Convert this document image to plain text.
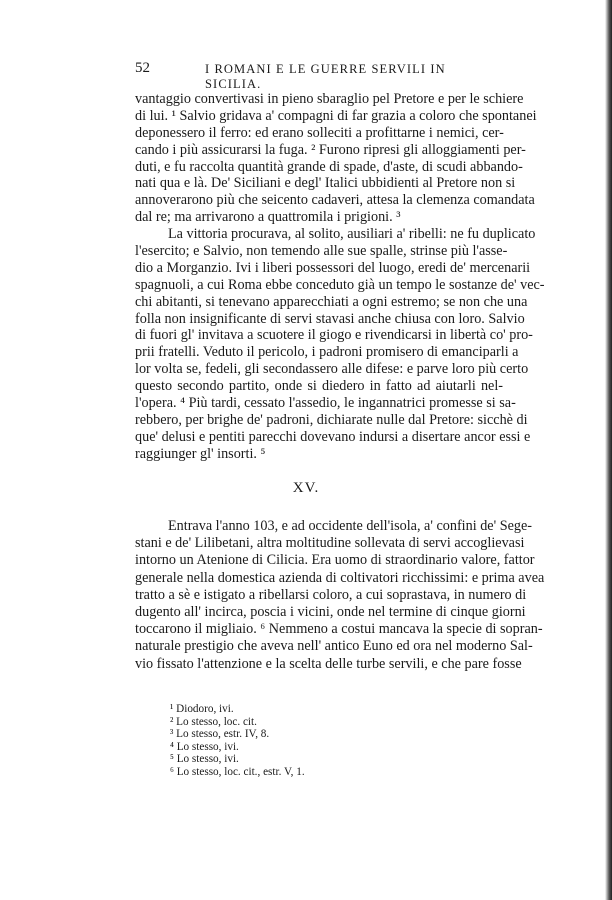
52	I ROMANI E LE GUERRE SERVILI IN SICILIA.
vantaggio convertivasi in pieno sbaraglio pel Pretore e per le schiere
di lui. ¹ Salvio gridava a' compagni di far grazia a coloro che spontanei
deponessero il ferro: ed erano solleciti a profittarne i nemici, cer-
cando i più assicurarsi la fuga. ² Furono ripresi gli alloggiamenti per-
duti, e fu raccolta quantità grande di spade, d'aste, di scudi abbando-
nati qua e là. De' Siciliani e degl' Italici ubbidienti al Pretore non si
annoverarono più che seicento cadaveri, attesa la clemenza comandata
dal re; ma arrivarono a quattromila i prigioni. ³
La vittoria procurava, al solito, ausiliari a' ribelli: ne fu duplicato
l'esercito; e Salvio, non temendo alle sue spalle, strinse più l'asse-
dio a Morganzio. Ivi i liberi possessori del luogo, eredi de' mercenarii
spagnuoli, a cui Roma ebbe conceduto già un tempo le sostanze de' vec-
chi abitanti, si tenevano apparecchiati a ogni estremo; se non che una
folla non insignificante di servi stavasi anche chiusa con loro. Salvio
di fuori gl' invitava a scuotere il giogo e rivendicarsi in libertà co' pro-
prii fratelli. Veduto il pericolo, i padroni promisero di emanciparli a
lor volta se, fedeli, gli secondassero alle difese: e parve loro più certo
questo secondo partito, onde si diedero in fatto ad aiutarli nel-
l'opera. ⁴ Più tardi, cessato l'assedio, le ingannatrici promesse si sa-
rebbero, per brighe de' padroni, dichiarate nulle dal Pretore: sicchè di
que' delusi e pentiti parecchi dovevano indursi a disertare ancor essi e
raggiunger gl' insorti. ⁵
XV.
Entrava l'anno 103, e ad occidente dell'isola, a' confini de' Sege-
stani e de' Lilibetani, altra moltitudine sollevata di servi accoglievasi
intorno un Atenione di Cilicia. Era uomo di straordinario valore, fattor
generale nella domestica azienda di coltivatori ricchissimi: e prima avea
tratto a sè e istigato a ribellarsi coloro, a cui soprastava, in numero di
dugento all' incirca, poscia i vicini, onde nel termine di cinque giorni
toccarono il migliaio. ⁶ Nemmeno a costui mancava la specie di sopran-
naturale prestigio che aveva nell' antico Euno ed ora nel moderno Sal-
vio fissato l'attenzione e la scelta delle turbe servili, e che pare fosse
¹ Diodoro, ivi.
² Lo stesso, loc. cit.
³ Lo stesso, estr. IV, 8.
⁴ Lo stesso, ivi.
⁵ Lo stesso, ivi.
⁶ Lo stesso, loc. cit., estr. V, 1.
